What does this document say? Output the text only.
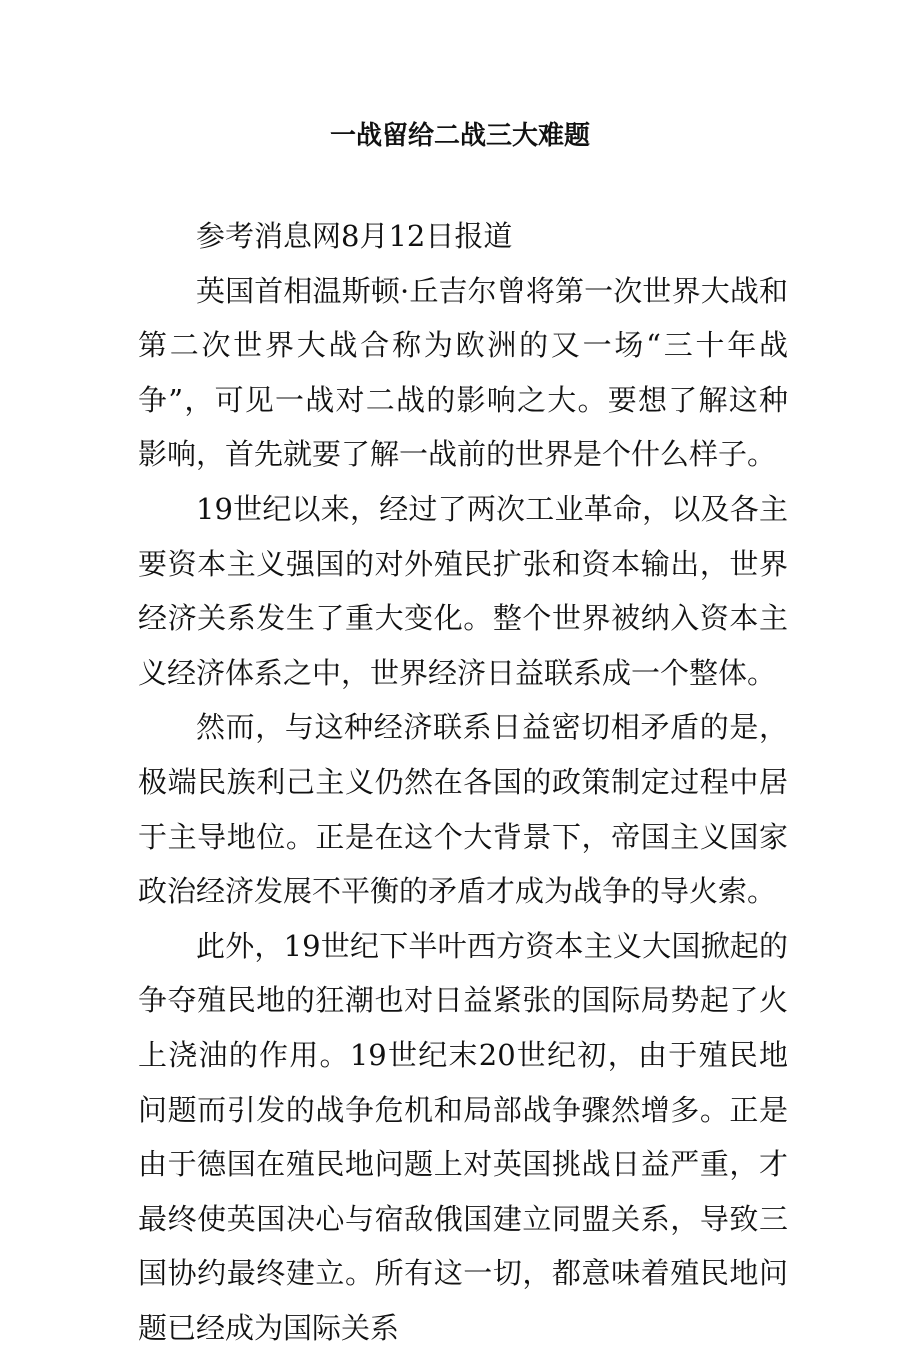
一战留给二战三大难题

参考消息网8月12日报道

英国首相温斯顿·丘吉尔曾将第一次世界大战和第二次世界大战合称为欧洲的又一场“三十年战争”，可见一战对二战的影响之大。要想了解这种影响，首先就要了解一战前的世界是个什么样子。

19世纪以来，经过了两次工业革命，以及各主要资本主义强国的对外殖民扩张和资本输出，世界经济关系发生了重大变化。整个世界被纳入资本主义经济体系之中，世界经济日益联系成一个整体。

然而，与这种经济联系日益密切相矛盾的是，极端民族利己主义仍然在各国的政策制定过程中居于主导地位。正是在这个大背景下，帝国主义国家政治经济发展不平衡的矛盾才成为战争的导火索。

此外，19世纪下半叶西方资本主义大国掀起的争夺殖民地的狂潮也对日益紧张的国际局势起了火上浇油的作用。19世纪末20世纪初，由于殖民地问题而引发的战争危机和局部战争骤然增多。正是由于德国在殖民地问题上对英国挑战日益严重，才最终使英国决心与宿敌俄国建立同盟关系，导致三国协约最终建立。所有这一切，都意味着殖民地问题已经成为国际关系
